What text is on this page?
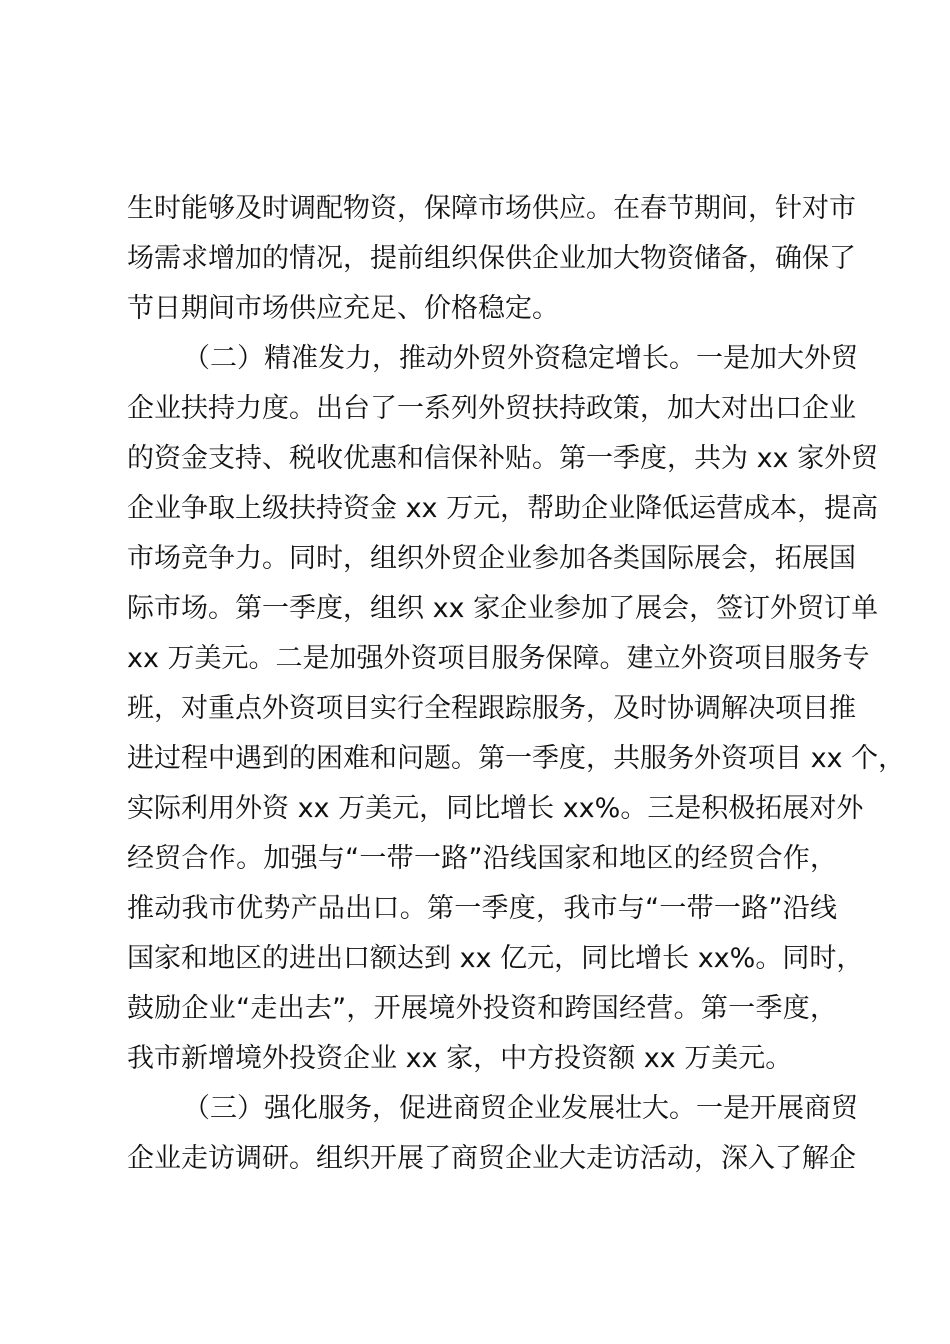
生时能够及时调配物资，保障市场供应。在春节期间，针对市
场需求增加的情况，提前组织保供企业加大物资储备，确保了
节日期间市场供应充足、价格稳定。
（二）精准发力，推动外贸外资稳定增长。一是加大外贸
企业扶持力度。出台了一系列外贸扶持政策，加大对出口企业
的资金支持、税收优惠和信保补贴。第一季度，共为 xx 家外贸
企业争取上级扶持资金 xx 万元，帮助企业降低运营成本，提高
市场竞争力。同时，组织外贸企业参加各类国际展会，拓展国
际市场。第一季度，组织 xx 家企业参加了展会，签订外贸订单
xx 万美元。二是加强外资项目服务保障。建立外资项目服务专
班，对重点外资项目实行全程跟踪服务，及时协调解决项目推
进过程中遇到的困难和问题。第一季度，共服务外资项目 xx 个，
实际利用外资 xx 万美元，同比增长 xx%。三是积极拓展对外
经贸合作。加强与“一带一路”沿线国家和地区的经贸合作，
推动我市优势产品出口。第一季度，我市与“一带一路”沿线
国家和地区的进出口额达到 xx 亿元，同比增长 xx%。同时，
鼓励企业“走出去”，开展境外投资和跨国经营。第一季度，
我市新增境外投资企业 xx 家，中方投资额 xx 万美元。
（三）强化服务，促进商贸企业发展壮大。一是开展商贸
企业走访调研。组织开展了商贸企业大走访活动，深入了解企
